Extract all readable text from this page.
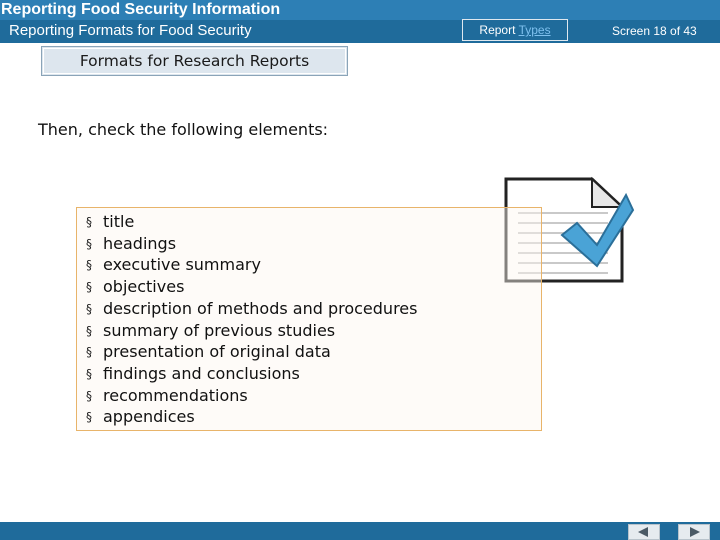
Reporting Food Security Information
Reporting Formats for Food Security	Report Types	Screen 18 of 43
Formats for Research Reports
Then, check the following elements:
§ title
§ headings
§ executive summary
§ objectives
§ description of methods and procedures
§ summary of previous studies
§ presentation of original data
§ findings and conclusions
§ recommendations
§ appendices
